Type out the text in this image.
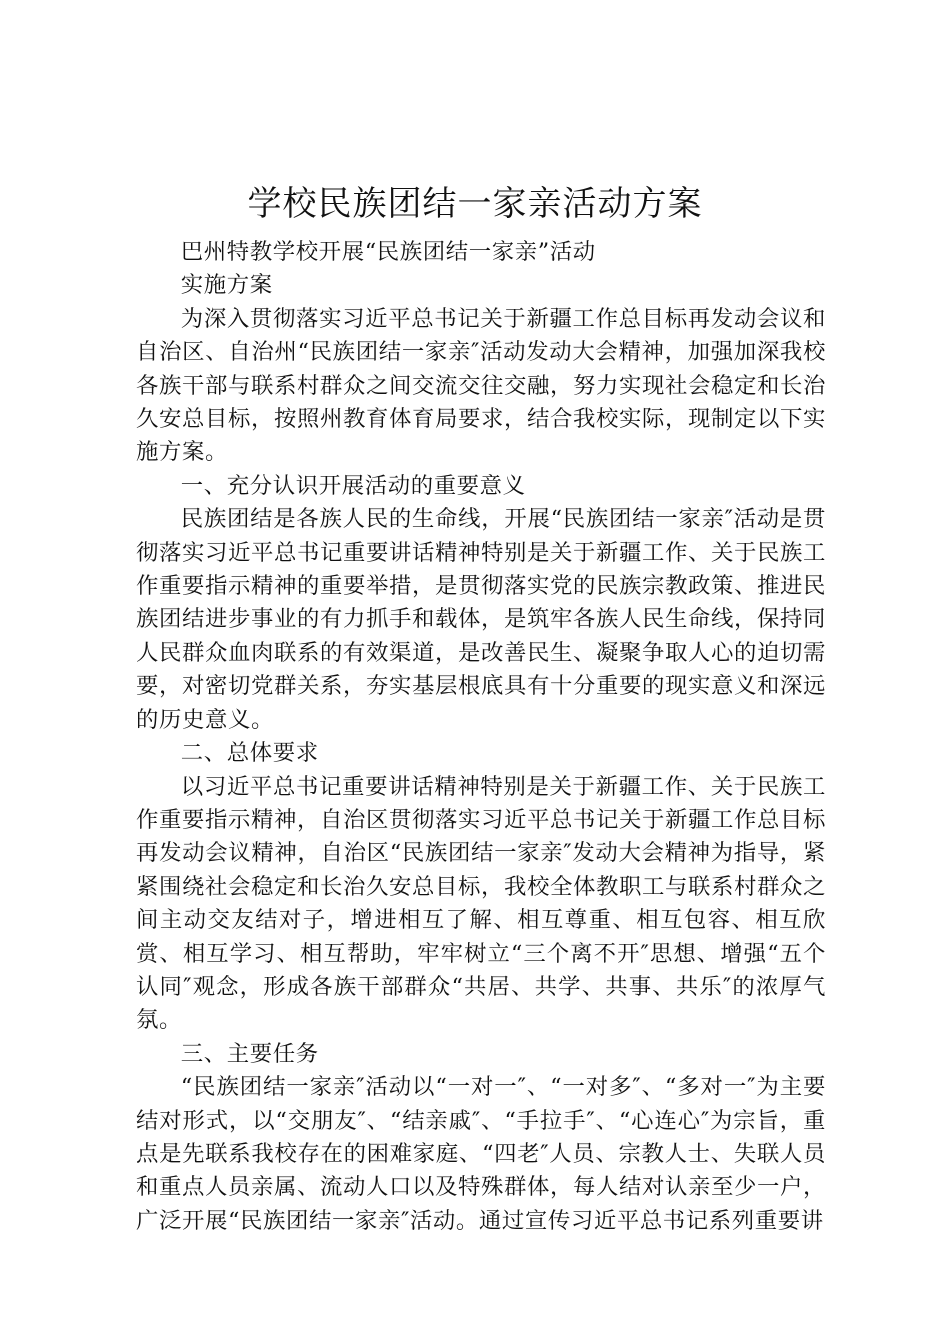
学校民族团结一家亲活动方案

巴州特教学校开展“民族团结一家亲”活动

实施方案

为深入贯彻落实习近平总书记关于新疆工作总目标再发动会议和自治区、自治州“民族团结一家亲″活动发动大会精神，加强加深我校各族干部与联系村群众之间交流交往交融，努力实现社会稳定和长治久安总目标，按照州教育体育局要求，结合我校实际，现制定以下实施方案。

一、充分认识开展活动的重要意义

民族团结是各族人民的生命线，开展“民族团结一家亲″活动是贯彻落实习近平总书记重要讲话精神特别是关于新疆工作、关于民族工作重要指示精神的重要举措，是贯彻落实党的民族宗教政策、推进民族团结进步事业的有力抓手和载体，是筑牢各族人民生命线，保持同人民群众血肉联系的有效渠道，是改善民生、凝聚争取人心的迫切需要，对密切党群关系，夯实基层根底具有十分重要的现实意义和深远的历史意义。

二、总体要求

以习近平总书记重要讲话精神特别是关于新疆工作、关于民族工作重要指示精神，自治区贯彻落实习近平总书记关于新疆工作总目标再发动会议精神，自治区“民族团结一家亲″发动大会精神为指导，紧紧围绕社会稳定和长治久安总目标，我校全体教职工与联系村群众之间主动交友结对子，增进相互了解、相互尊重、相互包容、相互欣赏、相互学习、相互帮助，牢牢树立“三个离不开″思想、增强“五个认同″观念，形成各族干部群众“共居、共学、共事、共乐″的浓厚气氛。

三、主要任务

“民族团结一家亲″活动以“一对一″、“一对多″、“多对一″为主要结对形式，以“交朋友″、“结亲戚″、“手拉手″、“心连心″为宗旨，重点是先联系我校存在的困难家庭、“四老″人员、宗教人士、失联人员和重点人员亲属、流动人口以及特殊群体，每人结对认亲至少一户，广泛开展“民族团结一家亲″活动。通过宣传习近平总书记系列重要讲
